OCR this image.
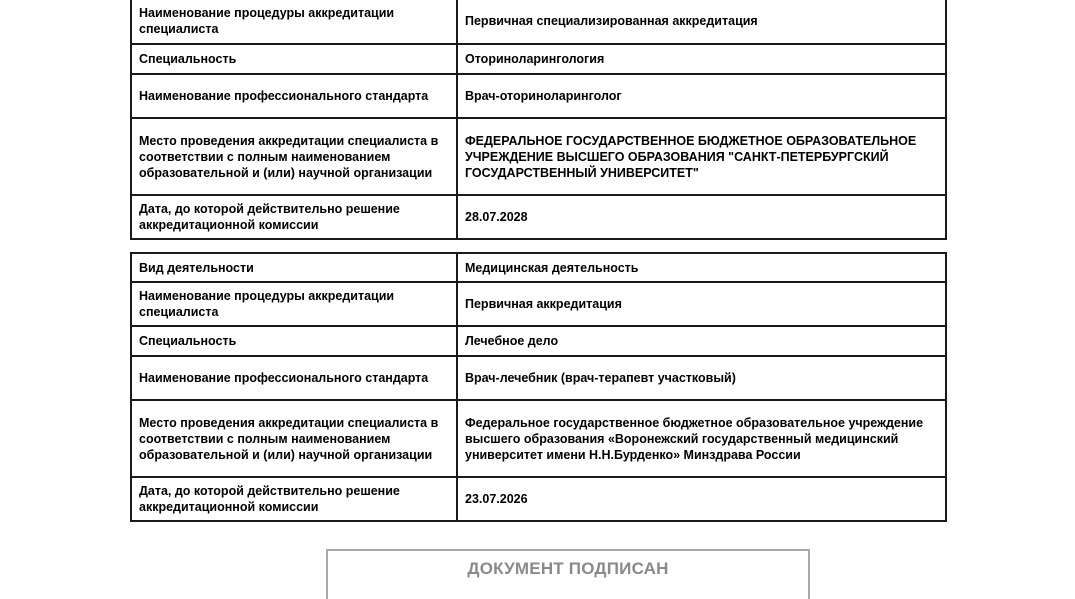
Наименование процедуры аккредитации специалиста	Первичная специализированная аккредитация
Специальность	Оториноларингология
Наименование профессионального стандарта	Врач-оториноларинголог
Место проведения аккредитации специалиста в соответствии с полным наименованием образовательной и (или) научной организации	ФЕДЕРАЛЬНОЕ ГОСУДАРСТВЕННОЕ БЮДЖЕТНОЕ ОБРАЗОВАТЕЛЬНОЕ УЧРЕЖДЕНИЕ ВЫСШЕГО ОБРАЗОВАНИЯ "САНКТ-ПЕТЕРБУРГСКИЙ ГОСУДАРСТВЕННЫЙ УНИВЕРСИТЕТ"
Дата, до которой действительно решение аккредитационной комиссии	28.07.2028
Вид деятельности	Медицинская деятельность
Наименование процедуры аккредитации специалиста	Первичная аккредитация
Специальность	Лечебное дело
Наименование профессионального стандарта	Врач-лечебник (врач-терапевт участковый)
Место проведения аккредитации специалиста в соответствии с полным наименованием образовательной и (или) научной организации	Федеральное государственное бюджетное образовательное учреждение высшего образования «Воронежский государственный медицинский университет имени Н.Н.Бурденко» Минздрава России
Дата, до которой действительно решение аккредитационной комиссии	23.07.2026
ДОКУМЕНТ ПОДПИСАН
